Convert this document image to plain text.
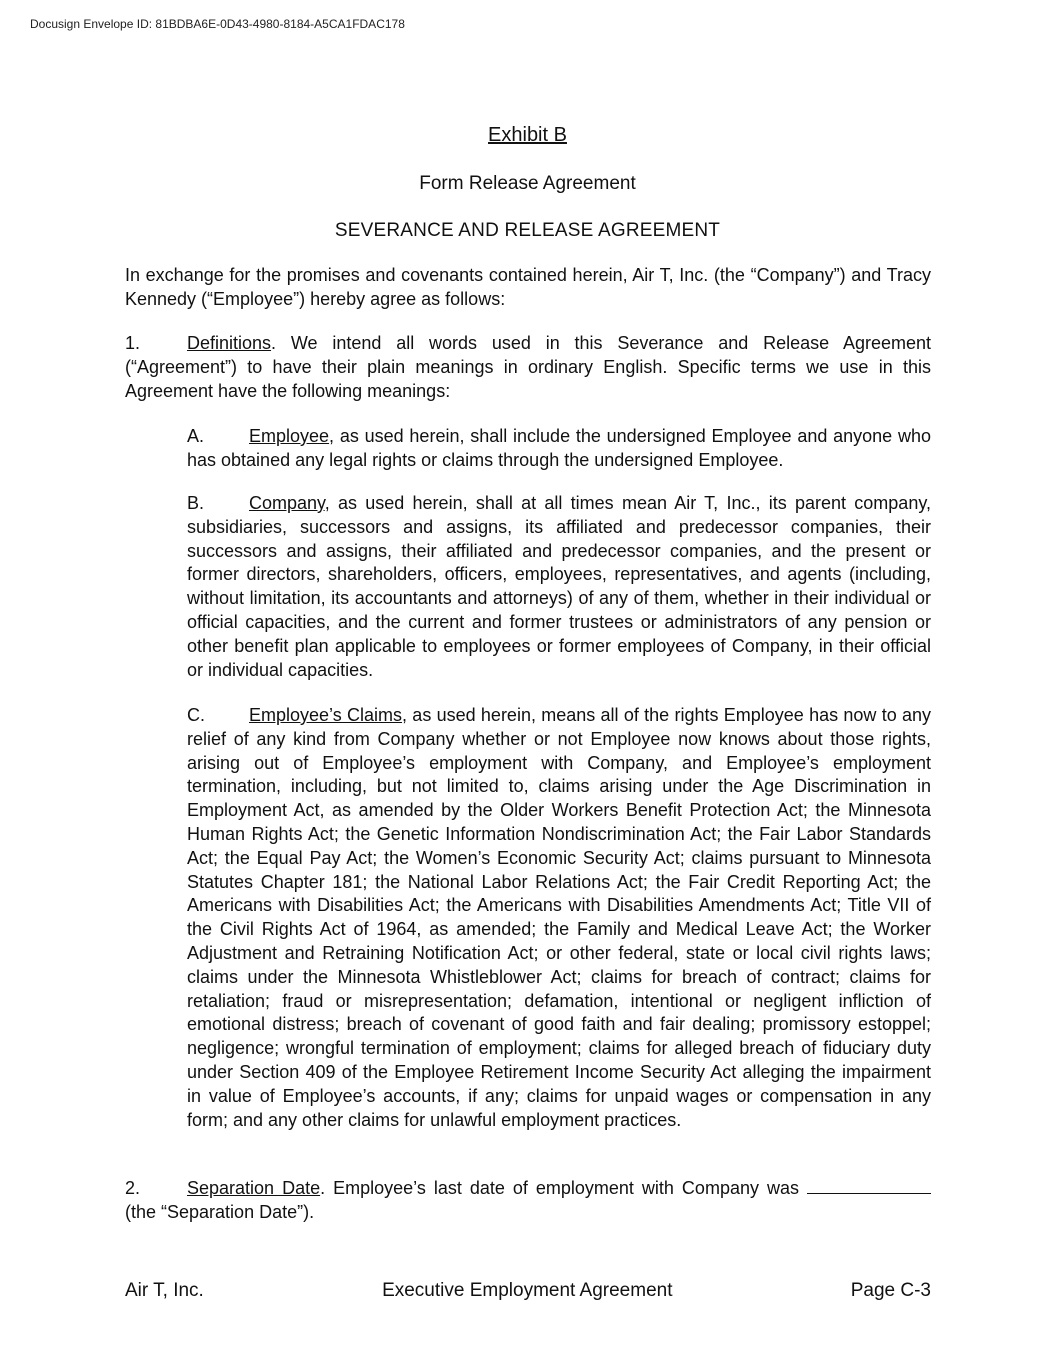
Docusign Envelope ID: 81BDBA6E-0D43-4980-8184-A5CA1FDAC178
Exhibit B
Form Release Agreement
SEVERANCE AND RELEASE AGREEMENT

In exchange for the promises and covenants contained herein, Air T, Inc. (the “Company”) and Tracy Kennedy (“Employee”) hereby agree as follows:

1.	Definitions. We intend all words used in this Severance and Release Agreement (“Agreement”) to have their plain meanings in ordinary English. Specific terms we use in this Agreement have the following meanings:

A. Employee, as used herein, shall include the undersigned Employee and anyone who has obtained any legal rights or claims through the undersigned Employee.

B. Company, as used herein, shall at all times mean Air T, Inc., its parent company, subsidiaries, successors and assigns, its affiliated and predecessor companies, their successors and assigns, their affiliated and predecessor companies, and the present or former directors, shareholders, officers, employees, representatives, and agents (including, without limitation, its accountants and attorneys) of any of them, whether in their individual or official capacities, and the current and former trustees or administrators of any pension or other benefit plan applicable to employees or former employees of Company, in their official or individual capacities.

C. Employee’s Claims, as used herein, means all of the rights Employee has now to any relief of any kind from Company whether or not Employee now knows about those rights, arising out of Employee’s employment with Company, and Employee’s employment termination, including, but not limited to, claims arising under the Age Discrimination in Employment Act, as amended by the Older Workers Benefit Protection Act; the Minnesota Human Rights Act; the Genetic Information Nondiscrimination Act; the Fair Labor Standards Act; the Equal Pay Act; the Women’s Economic Security Act; claims pursuant to Minnesota Statutes Chapter 181; the National Labor Relations Act; the Fair Credit Reporting Act; the Americans with Disabilities Act; the Americans with Disabilities Amendments Act; Title VII of the Civil Rights Act of 1964, as amended; the Family and Medical Leave Act; the Worker Adjustment and Retraining Notification Act; or other federal, state or local civil rights laws; claims under the Minnesota Whistleblower Act; claims for breach of contract; claims for retaliation; fraud or misrepresentation; defamation, intentional or negligent infliction of emotional distress; breach of covenant of good faith and fair dealing; promissory estoppel; negligence; wrongful termination of employment; claims for alleged breach of fiduciary duty under Section 409 of the Employee Retirement Income Security Act alleging the impairment in value of Employee’s accounts, if any; claims for unpaid wages or compensation in any form; and any other claims for unlawful employment practices.

2.	Separation Date. Employee’s last date of employment with Company was  (the “Separation Date”).

Air T, Inc.	Executive Employment Agreement	Page C-3
